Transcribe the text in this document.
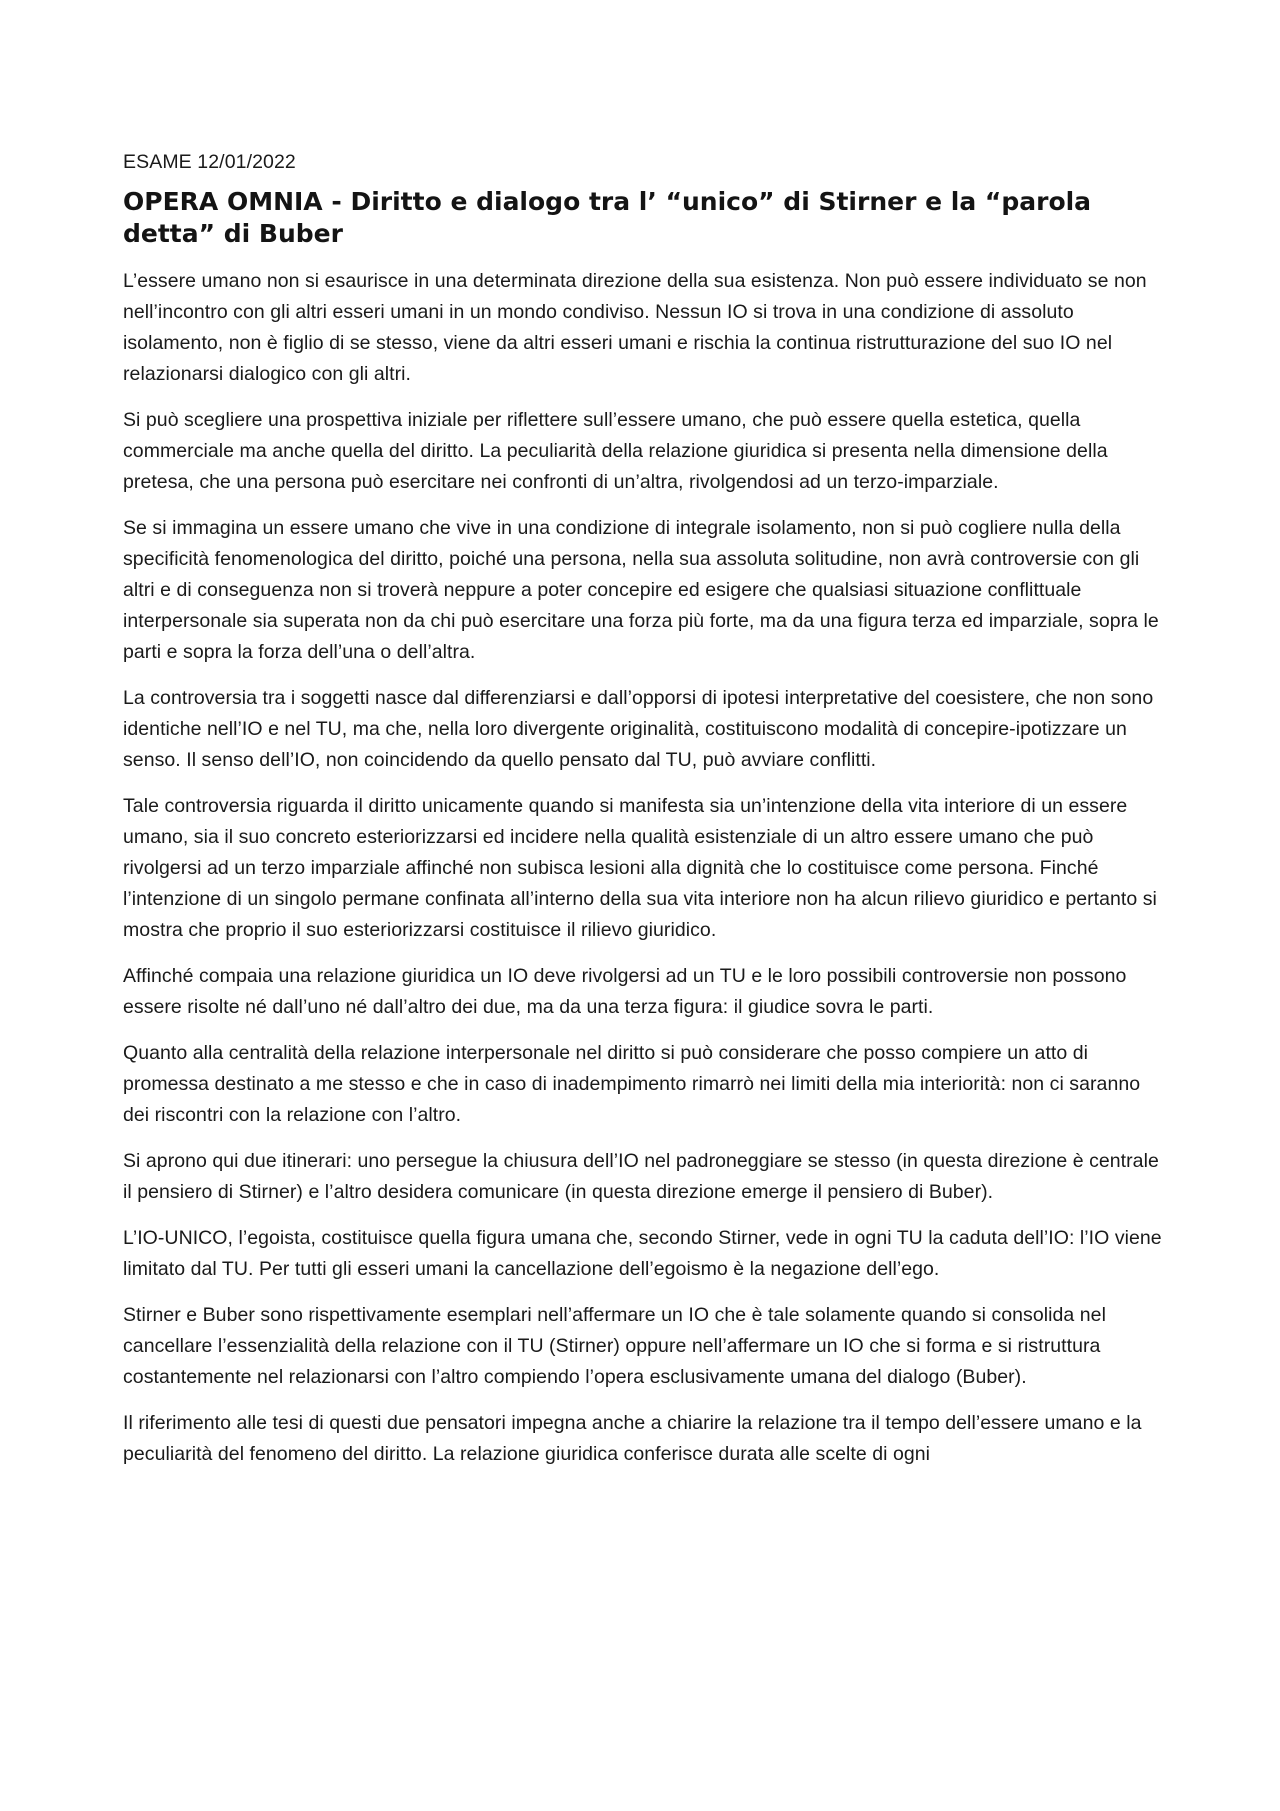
ESAME 12/01/2022
OPERA OMNIA - Diritto e dialogo tra l’ “unico” di Stirner e la “parola detta” di Buber

L’essere umano non si esaurisce in una determinata direzione della sua esistenza. Non può essere individuato se non nell’incontro con gli altri esseri umani in un mondo condiviso. Nessun IO si trova in una condizione di assoluto isolamento, non è figlio di se stesso, viene da altri esseri umani e rischia la continua ristrutturazione del suo IO nel relazionarsi dialogico con gli altri.

Si può scegliere una prospettiva iniziale per riflettere sull’essere umano, che può essere quella estetica, quella commerciale ma anche quella del diritto. La peculiarità della relazione giuridica si presenta nella dimensione della pretesa, che una persona può esercitare nei confronti di un’altra, rivolgendosi ad un terzo-imparziale.

Se si immagina un essere umano che vive in una condizione di integrale isolamento, non si può cogliere nulla della specificità fenomenologica del diritto, poiché una persona, nella sua assoluta solitudine, non avrà controversie con gli altri e di conseguenza non si troverà neppure a poter concepire ed esigere che qualsiasi situazione conflittuale interpersonale sia superata non da chi può esercitare una forza più forte, ma da una figura terza ed imparziale, sopra le parti e sopra la forza dell’una o dell’altra.

La controversia tra i soggetti nasce dal differenziarsi e dall’opporsi di ipotesi interpretative del coesistere, che non sono identiche nell’IO e nel TU, ma che, nella loro divergente originalità, costituiscono modalità di concepire-ipotizzare un senso. Il senso dell’IO, non coincidendo da quello pensato dal TU, può avviare conflitti.

Tale controversia riguarda il diritto unicamente quando si manifesta sia un’intenzione della vita interiore di un essere umano, sia il suo concreto esteriorizzarsi ed incidere nella qualità esistenziale di un altro essere umano che può rivolgersi ad un terzo imparziale affinché non subisca lesioni alla dignità che lo costituisce come persona. Finché l’intenzione di un singolo permane confinata all’interno della sua vita interiore non ha alcun rilievo giuridico e pertanto si mostra che proprio il suo esteriorizzarsi costituisce il rilievo giuridico.

Affinché compaia una relazione giuridica un IO deve rivolgersi ad un TU e le loro possibili controversie non possono essere risolte né dall’uno né dall’altro dei due, ma da una terza figura: il giudice sovra le parti.

Quanto alla centralità della relazione interpersonale nel diritto si può considerare che posso compiere un atto di promessa destinato a me stesso e che in caso di inadempimento rimarrò nei limiti della mia interiorità: non ci saranno dei riscontri con la relazione con l’altro.

Si aprono qui due itinerari: uno persegue la chiusura dell’IO nel padroneggiare se stesso (in questa direzione è centrale il pensiero di Stirner) e l’altro desidera comunicare (in questa direzione emerge il pensiero di Buber).

L’IO-UNICO, l’egoista, costituisce quella figura umana che, secondo Stirner, vede in ogni TU la caduta dell’IO: l’IO viene limitato dal TU. Per tutti gli esseri umani la cancellazione dell’egoismo è la negazione dell’ego.

Stirner e Buber sono rispettivamente esemplari nell’affermare un IO che è tale solamente quando si consolida nel cancellare l’essenzialità della relazione con il TU (Stirner) oppure nell’affermare un IO che si forma e si ristruttura costantemente nel relazionarsi con l’altro compiendo l’opera esclusivamente umana del dialogo (Buber).

Il riferimento alle tesi di questi due pensatori impegna anche a chiarire la relazione tra il tempo dell’essere umano e la peculiarità del fenomeno del diritto. La relazione giuridica conferisce durata alle scelte di ogni
